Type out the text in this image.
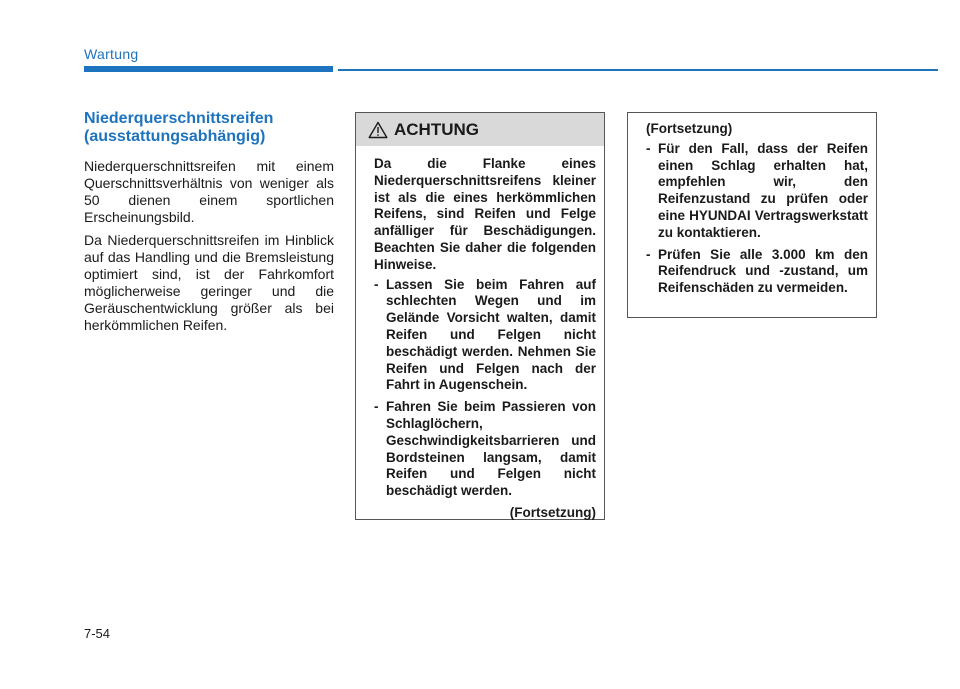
Wartung
Niederquerschnittsreifen
(ausstattungsabhängig)

Niederquerschnittsreifen mit einem Querschnittsverhältnis von weniger als 50 dienen einem sportlichen Erscheinungsbild.

Da Niederquerschnittsreifen im Hinblick auf das Handling und die Bremsleistung optimiert sind, ist der Fahrkomfort möglicherweise geringer und die Geräuschentwicklung größer als bei herkömmlichen Reifen.

ACHTUNG

Da die Flanke eines Niederquerschnittsreifens kleiner ist als die eines herkömmlichen Reifens, sind Reifen und Felge anfälliger für Beschädigungen. Beachten Sie daher die folgenden Hinweise.

- Lassen Sie beim Fahren auf schlechten Wegen und im Gelände Vorsicht walten, damit Reifen und Felgen nicht beschädigt werden. Nehmen Sie Reifen und Felgen nach der Fahrt in Augenschein.
- Fahren Sie beim Passieren von Schlaglöchern, Geschwindigkeitsbarrieren und Bordsteinen langsam, damit Reifen und Felgen nicht beschädigt werden.

(Fortsetzung)

(Fortsetzung)

- Für den Fall, dass der Reifen einen Schlag erhalten hat, empfehlen wir, den Reifenzustand zu prüfen oder eine HYUNDAI Vertragswerkstatt zu kontaktieren.
- Prüfen Sie alle 3.000 km den Reifendruck und -zustand, um Reifenschäden zu vermeiden.
7-54
